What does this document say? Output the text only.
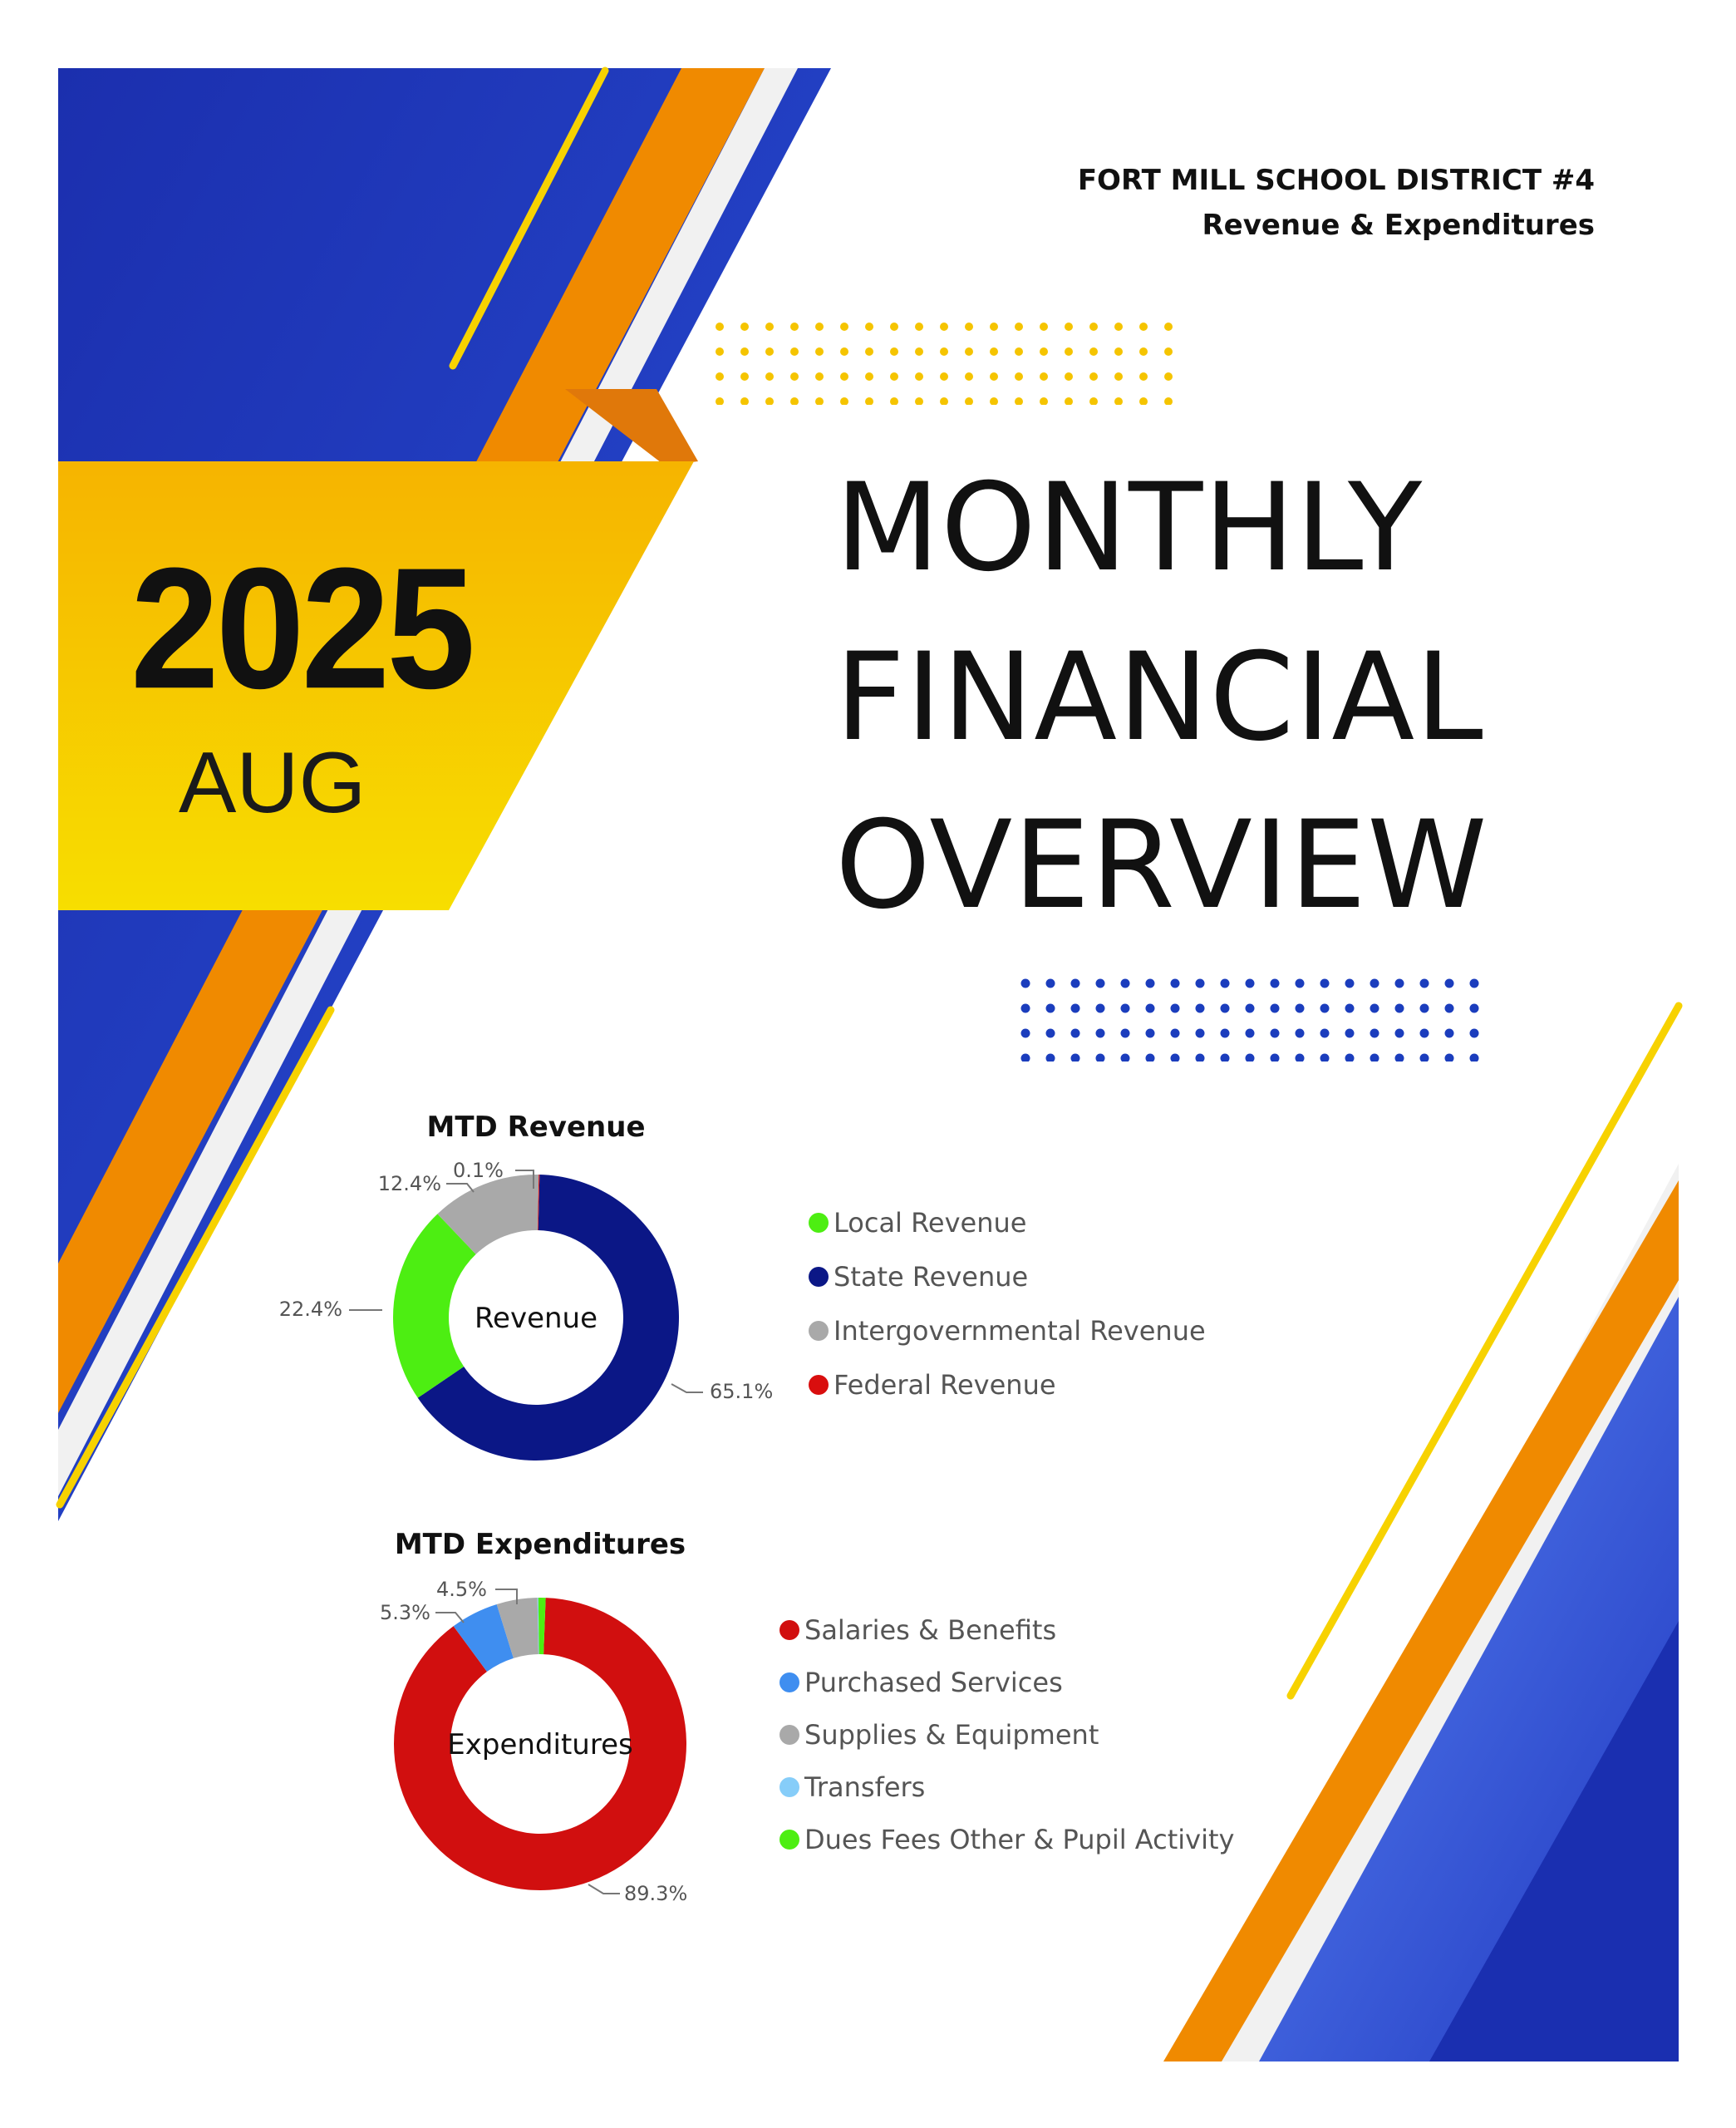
FORT MILL SCHOOL DISTRICT #4
Revenue & Expenditures
2025
AUG
MONTHLY
FINANCIAL
OVERVIEW
MTD Revenue
Revenue
22.4%
65.1%
12.4%
0.1%
Local Revenue
State Revenue
Intergovernmental Revenue
Federal Revenue
MTD Expenditures
Expenditures
89.3%
5.3%
4.5%
Salaries & Benefits
Purchased Services
Supplies & Equipment
Transfers
Dues Fees Other & Pupil Activity
